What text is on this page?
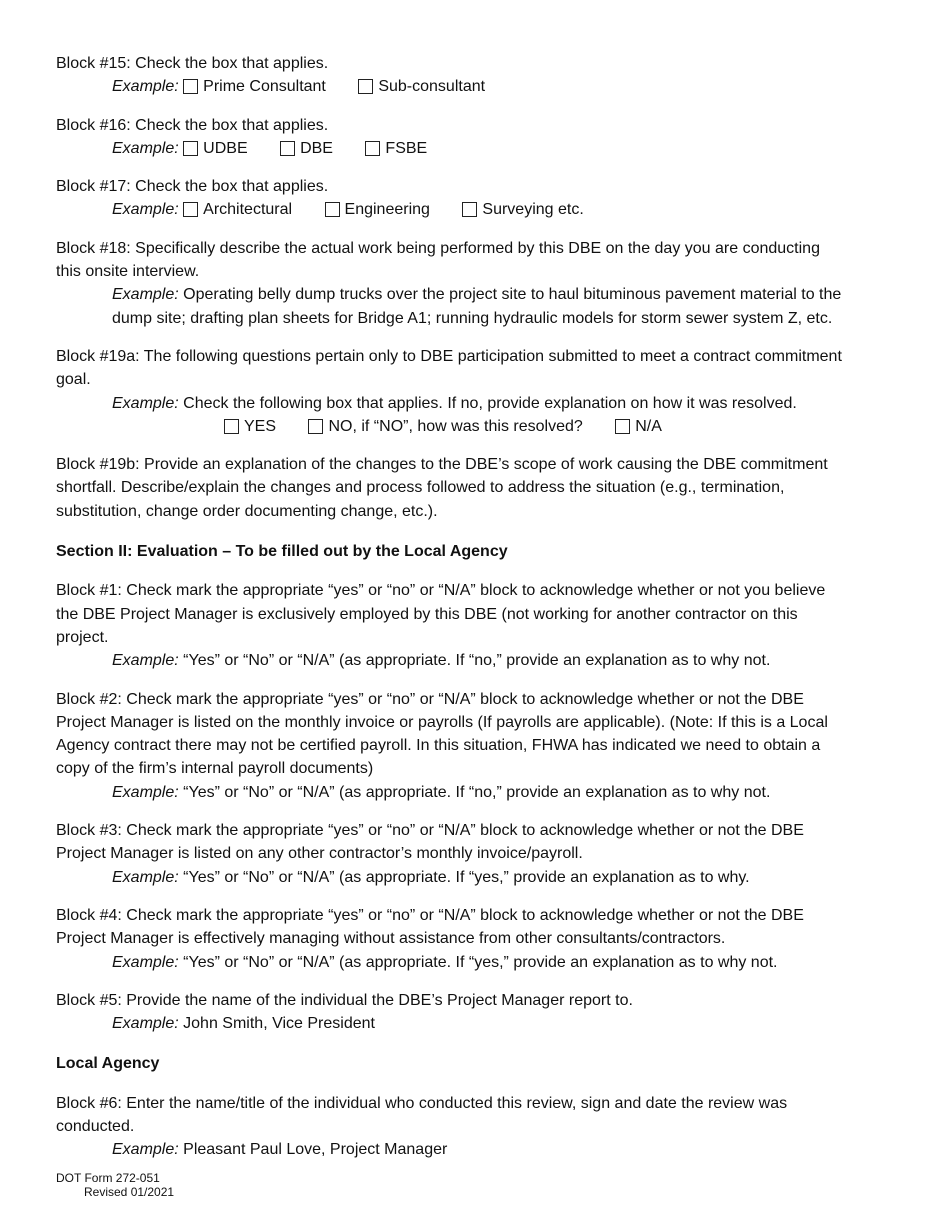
Block #15: Check the box that applies.

Example: Prime Consultant	Sub-consultant

Block #16: Check the box that applies.

Example: UDBE	DBE	FSBE

Block #17: Check the box that applies.

Example: Architectural	Engineering	Surveying etc.

Block #18: Specifically describe the actual work being performed by this DBE on the day you are conducting

this onsite interview.

Example: Operating belly dump trucks over the project site to haul bituminous pavement material to the

dump site; drafting plan sheets for Bridge A1; running hydraulic models for storm sewer system Z, etc.

Block #19a: The following questions pertain only to DBE participation submitted to meet a contract commitment

goal.

Example: Check the following box that applies. If no, provide explanation on how it was resolved.

YES	NO, if “NO”, how was this resolved?	N/A

Block #19b: Provide an explanation of the changes to the DBE’s scope of work causing the DBE commitment

shortfall. Describe/explain the changes and process followed to address the situation (e.g., termination,

substitution, change order documenting change, etc.).

Section II: Evaluation – To be filled out by the Local Agency

Block #1: Check mark the appropriate “yes” or “no” or “N/A” block to acknowledge whether or not you believe

the DBE Project Manager is exclusively employed by this DBE (not working for another contractor on this

project.

Example: “Yes” or “No” or “N/A” (as appropriate. If “no,” provide an explanation as to why not.

Block #2: Check mark the appropriate “yes” or “no” or “N/A” block to acknowledge whether or not the DBE

Project Manager is listed on the monthly invoice or payrolls (If payrolls are applicable). (Note: If this is a Local

Agency contract there may not be certified payroll. In this situation, FHWA has indicated we need to obtain a

copy of the firm’s internal payroll documents)

Example: “Yes” or “No” or “N/A” (as appropriate. If “no,” provide an explanation as to why not.

Block #3: Check mark the appropriate “yes” or “no” or “N/A” block to acknowledge whether or not the DBE

Project Manager is listed on any other contractor’s monthly invoice/payroll.

Example: “Yes” or “No” or “N/A” (as appropriate. If “yes,” provide an explanation as to why.

Block #4: Check mark the appropriate “yes” or “no” or “N/A” block to acknowledge whether or not the DBE

Project Manager is effectively managing without assistance from other consultants/contractors.

Example: “Yes” or “No” or “N/A” (as appropriate. If “yes,” provide an explanation as to why not.

Block #5: Provide the name of the individual the DBE’s Project Manager report to.

Example: John Smith, Vice President

Local Agency

Block #6: Enter the name/title of the individual who conducted this review, sign and date the review was

conducted.

Example: Pleasant Paul Love, Project Manager

DOT Form 272-051
Revised 01/2021
